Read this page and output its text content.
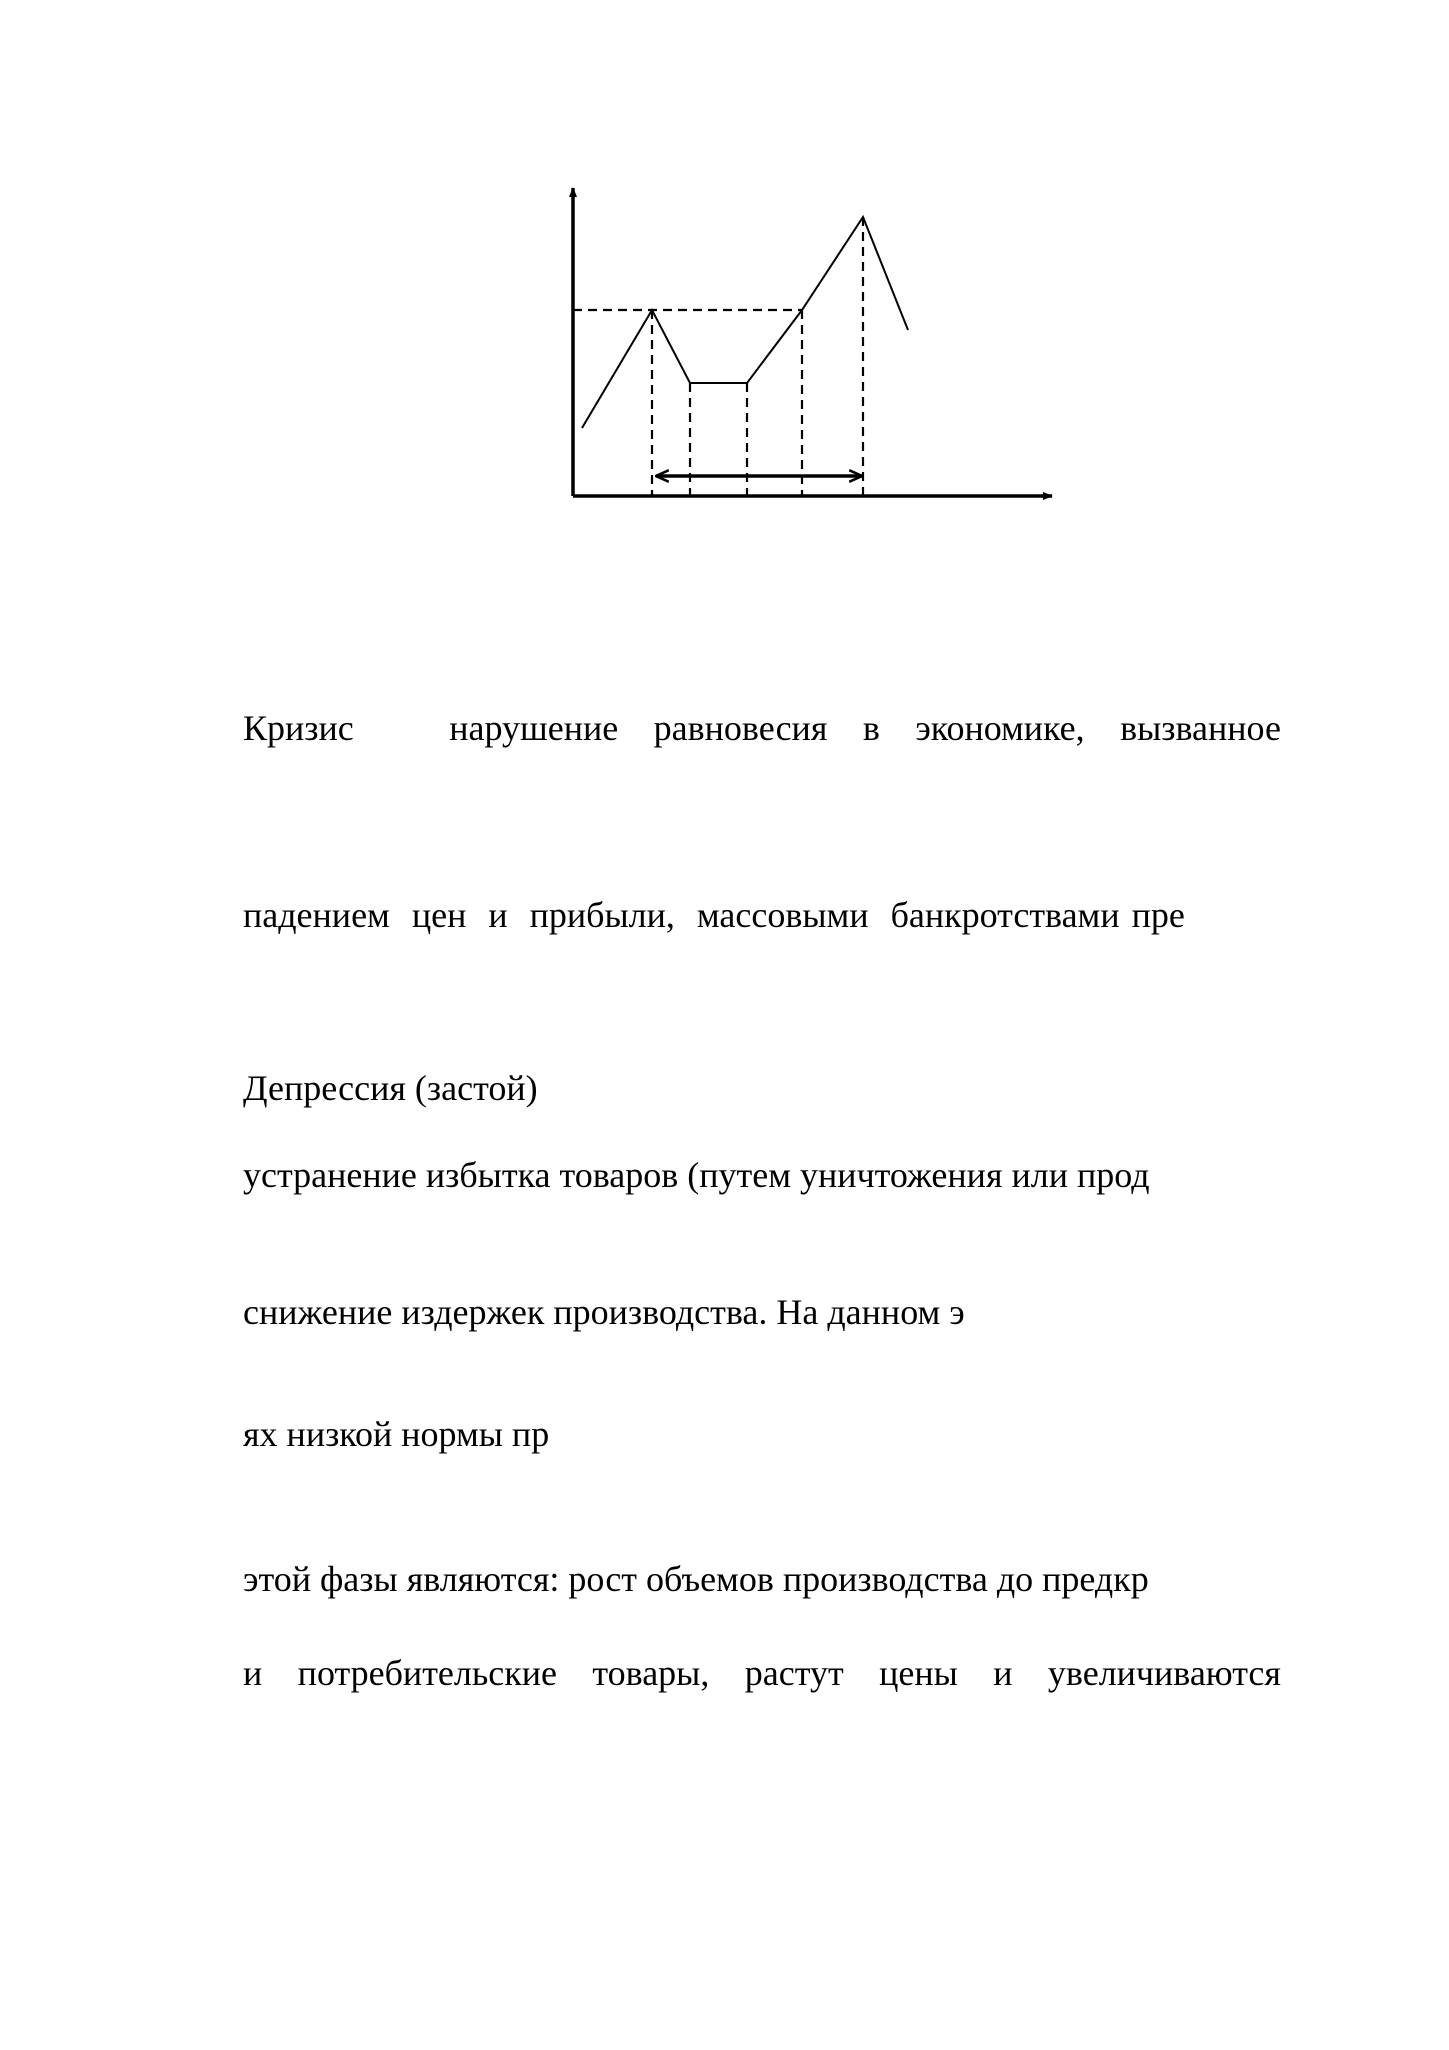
Кризис	нарушение равновесия в экономике, вызванное

падением цен и прибыли, массовыми банкротствами пре

Депрессия (застой)

устранение избытка товаров (путем уничтожения или прод

снижение издержек производства. На данном э

ях низкой нормы пр

этой фазы являются: рост объемов производства до предкр

и потребительские товары, растут цены и увеличиваются
